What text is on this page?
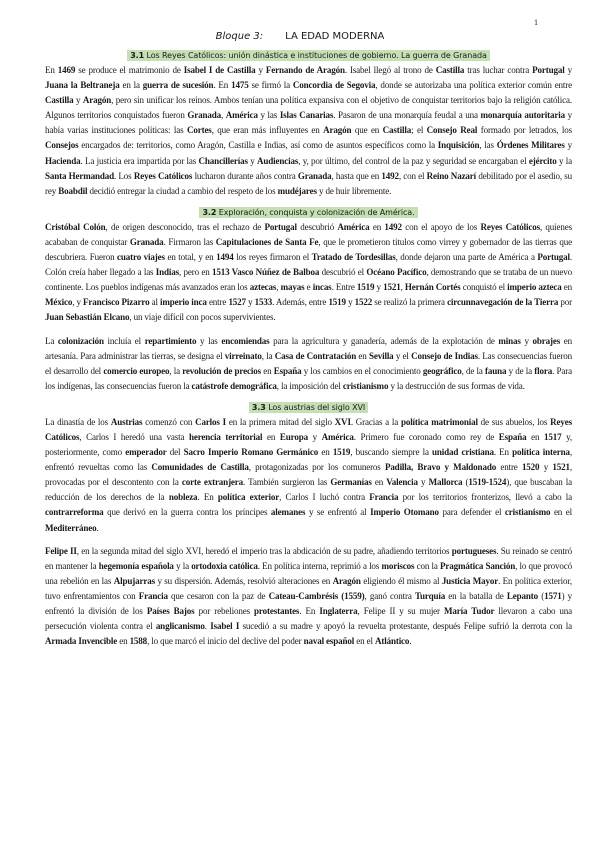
1
Bloque 3: LA EDAD MODERNA
3.1 Los Reyes Católicos: unión dinástica e instituciones de gobierno. La guerra de Granada

En 1469 se produce el matrimonio de Isabel I de Castilla y Fernando de Aragón. Isabel llegó al trono de Castilla tras luchar contra Portugal y Juana la Beltraneja en la guerra de sucesión. En 1475 se firmó la Concordia de Segovia, donde se autorizaba una política exterior común entre Castilla y Aragón, pero sin unificar los reinos. Ambos tenían una política expansiva con el objetivo de conquistar territorios bajo la religión católica. Algunos territorios conquistados fueron Granada, América y las Islas Canarias. Pasaron de una monarquía feudal a una monarquía autoritaria y había varias instituciones políticas: las Cortes, que eran más influyentes en Aragón que en Castilla; el Consejo Real formado por letrados, los Consejos encargados de: territorios, como Aragón, Castilla e Indias, así como de asuntos específicos como la Inquisición, las Órdenes Militares y Hacienda. La justicia era impartida por las Chancillerías y Audiencias, y, por último, del control de la paz y seguridad se encargaban el ejército y la Santa Hermandad. Los Reyes Católicos lucharon durante años contra Granada, hasta que en 1492, con el Reino Nazarí debilitado por el asedio, su rey Boabdil decidió entregar la ciudad a cambio del respeto de los mudéjares y de huir libremente.

3.2 Exploración, conquista y colonización de América.

Cristóbal Colón, de origen desconocido, tras el rechazo de Portugal descubrió América en 1492 con el apoyo de los Reyes Católicos, quienes acababan de conquistar Granada. Firmaron las Capitulaciones de Santa Fe, que le prometieron títulos como virrey y gobernador de las tierras que descubriera. Fueron cuatro viajes en total, y en 1494 los reyes firmaron el Tratado de Tordesillas, donde dejaron una parte de América a Portugal. Colón creía haber llegado a las Indias, pero en 1513 Vasco Núñez de Balboa descubrió el Océano Pacífico, demostrando que se trataba de un nuevo continente. Los pueblos indígenas más avanzados eran los aztecas, mayas e incas. Entre 1519 y 1521, Hernán Cortés conquistó el imperio azteca en México, y Francisco Pizarro al imperio inca entre 1527 y 1533. Además, entre 1519 y 1522 se realizó la primera circunnavegación de la Tierra por Juan Sebastián Elcano, un viaje difícil con pocos supervivientes.

La colonización incluía el repartimiento y las encomiendas para la agricultura y ganadería, además de la explotación de minas y obrajes en artesanía. Para administrar las tierras, se designa el virreinato, la Casa de Contratación en Sevilla y el Consejo de Indias. Las consecuencias fueron el desarrollo del comercio europeo, la revolución de precios en España y los cambios en el conocimiento geográfico, de la fauna y de la flora. Para los indígenas, las consecuencias fueron la catástrofe demográfica, la imposición del cristianismo y la destrucción de sus formas de vida.

3.3 Los austrias del siglo XVI

La dinastía de los Austrias comenzó con Carlos I en la primera mitad del siglo XVI. Gracias a la política matrimonial de sus abuelos, los Reyes Católicos, Carlos I heredó una vasta herencia territorial en Europa y América. Primero fue coronado como rey de España en 1517 y, posteriormente, como emperador del Sacro Imperio Romano Germánico en 1519, buscando siempre la unidad cristiana. En política interna, enfrentó revueltas como las Comunidades de Castilla, protagonizadas por los comuneros Padilla, Bravo y Maldonado entre 1520 y 1521, provocadas por el descontento con la corte extranjera. También surgieron las Germanías en Valencia y Mallorca (1519-1524), que buscaban la reducción de los derechos de la nobleza. En política exterior, Carlos I luchó contra Francia por los territorios fronterizos, llevó a cabo la contrarreforma que derivó en la guerra contra los príncipes alemanes y se enfrentó al Imperio Otomano para defender el cristianismo en el Mediterráneo.

Felipe II, en la segunda mitad del siglo XVI, heredó el imperio tras la abdicación de su padre, añadiendo territorios portugueses. Su reinado se centró en mantener la hegemonía española y la ortodoxia católica. En política interna, reprimió a los moriscos con la Pragmática Sanción, lo que provocó una rebelión en las Alpujarras y su dispersión. Además, resolvió alteraciones en Aragón eligiendo él mismo al Justicia Mayor. En política exterior, tuvo enfrentamientos con Francia que cesaron con la paz de Cateau-Cambrésis (1559), ganó contra Turquía en la batalla de Lepanto (1571) y enfrentó la división de los Países Bajos por rebeliones protestantes. En Inglaterra, Felipe II y su mujer María Tudor llevaron a cabo una persecución violenta contra el anglicanismo. Isabel I sucedió a su madre y apoyó la revuelta protestante, después Felipe sufrió la derrota con la Armada Invencible en 1588, lo que marcó el inicio del declive del poder naval español en el Atlántico.
